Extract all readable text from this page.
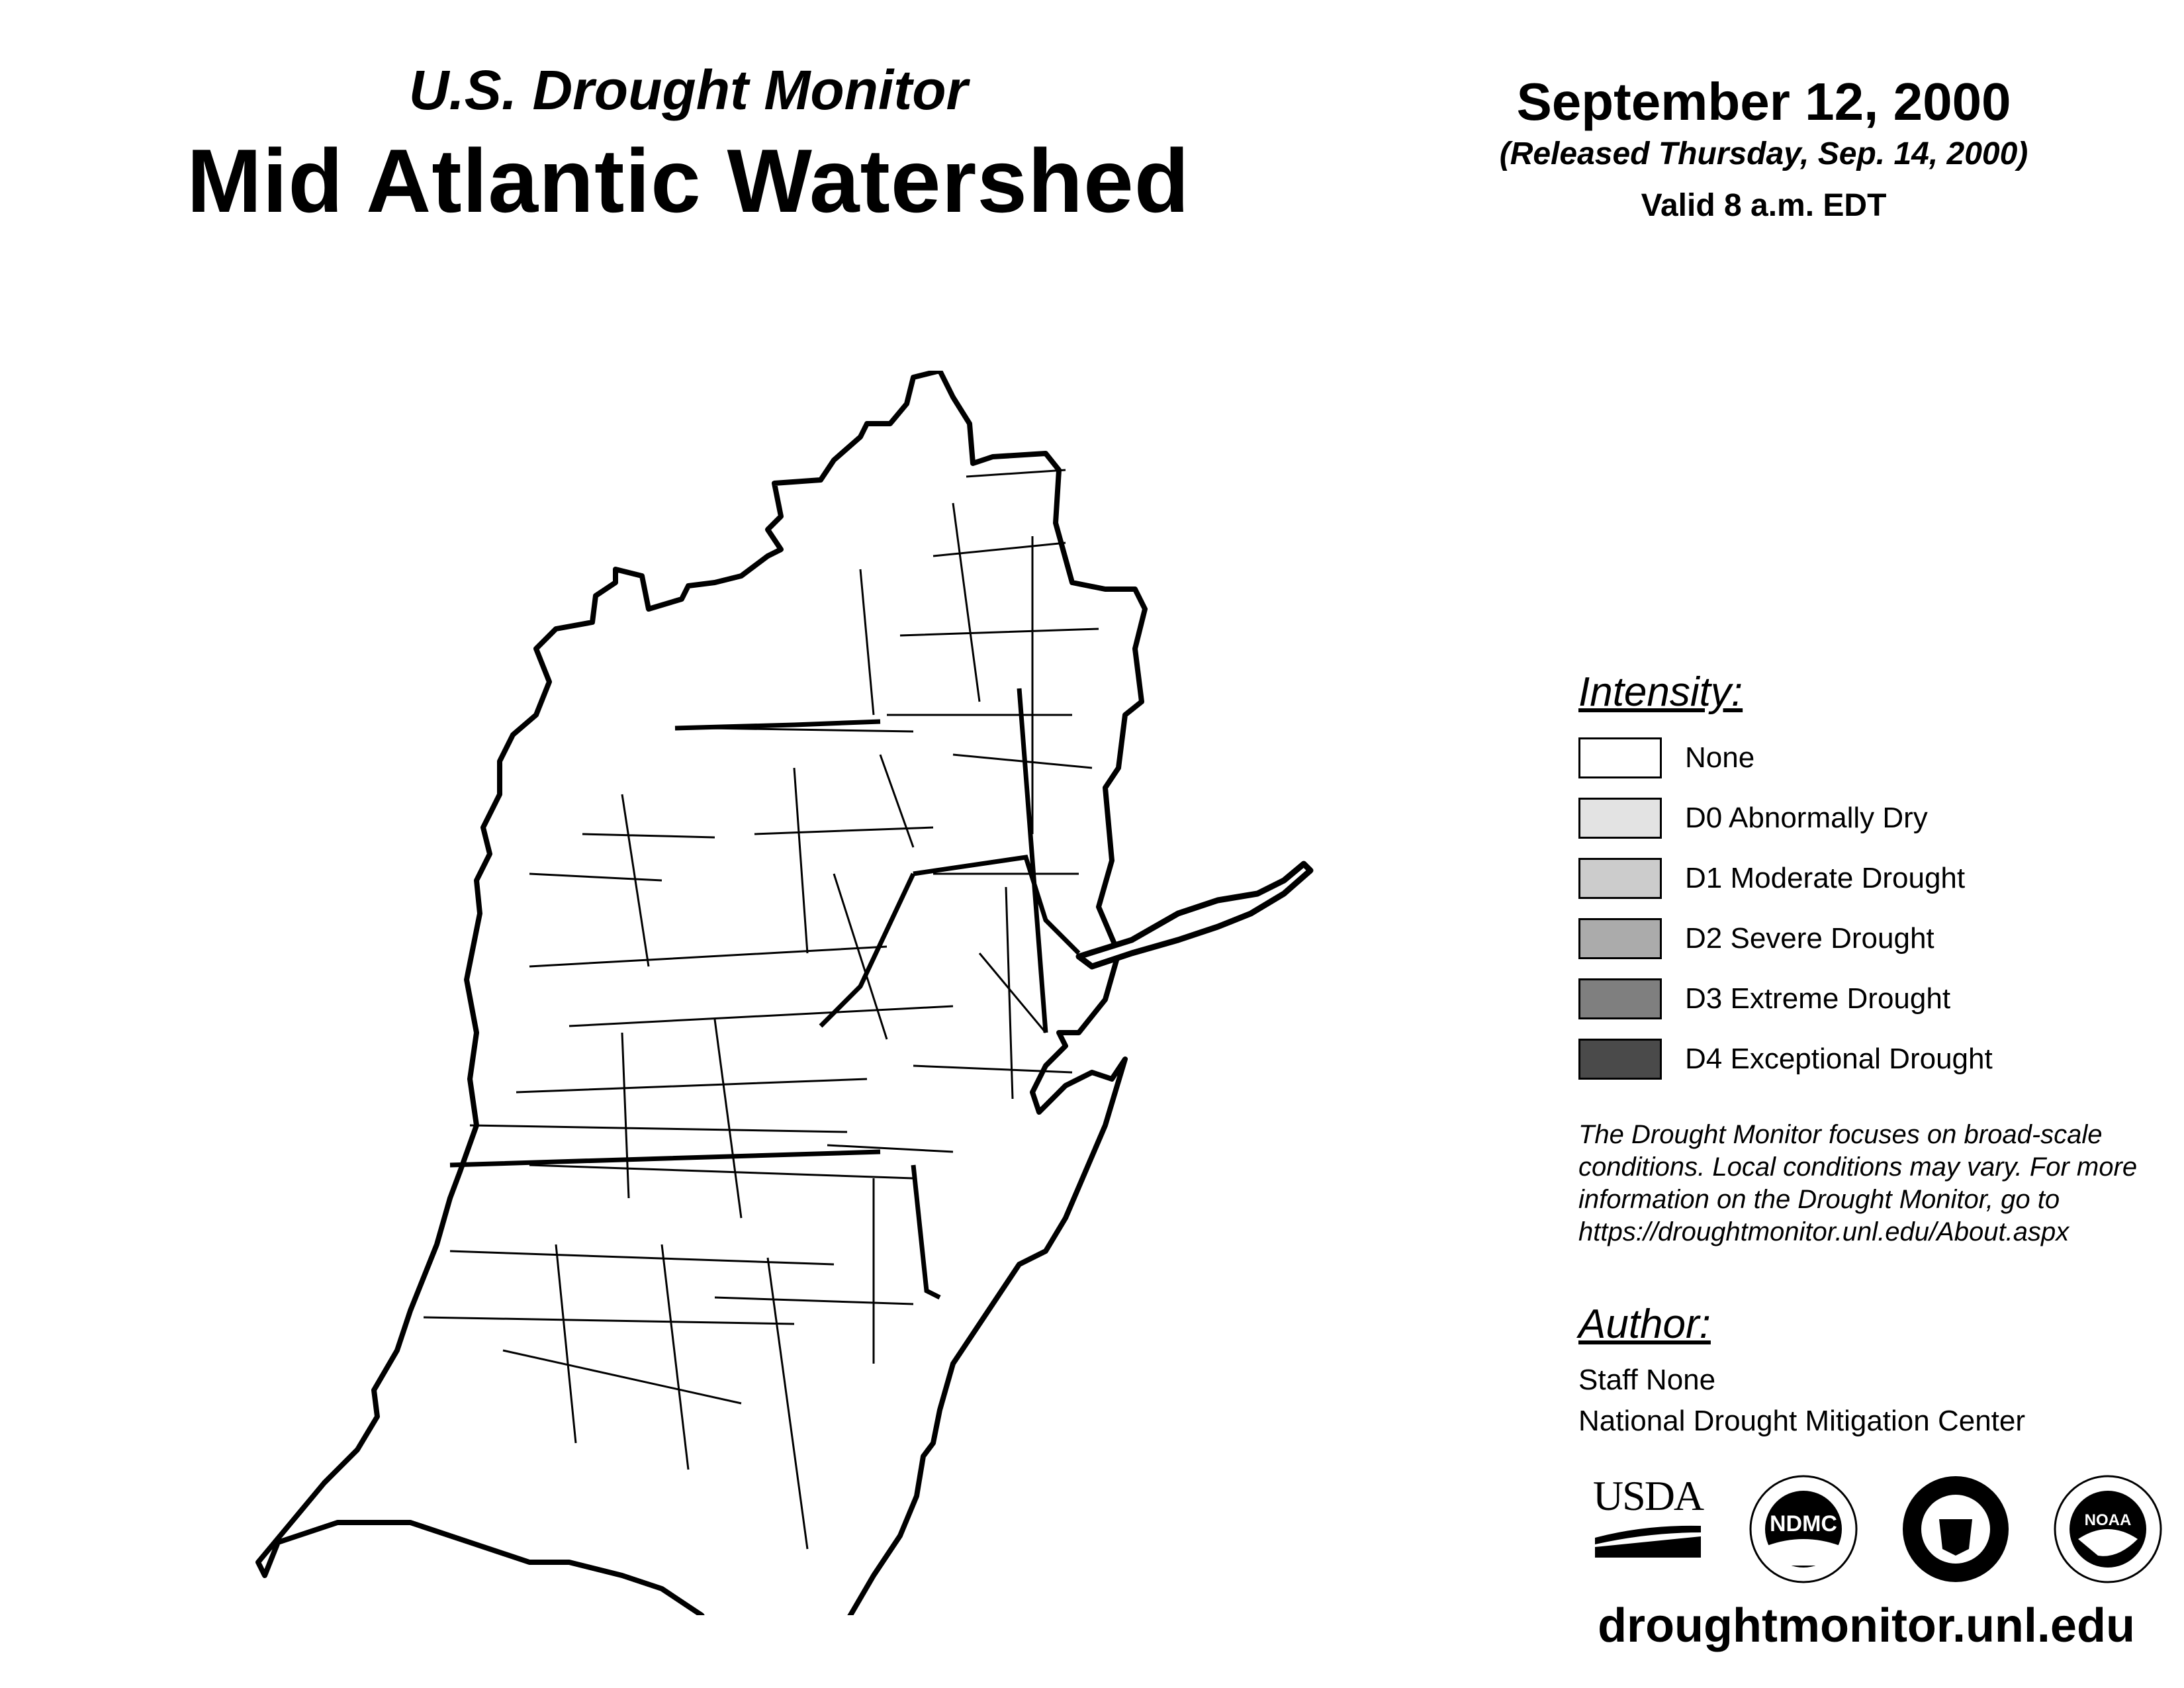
U.S. Drought Monitor
Mid Atlantic Watershed
September 12, 2000
(Released Thursday, Sep. 14, 2000)
Valid 8 a.m. EDT
Intensity:
None
D0 Abnormally Dry
D1 Moderate Drought
D2 Severe Drought
D3 Extreme Drought
D4 Exceptional Drought
The Drought Monitor focuses on broad-scale
conditions. Local conditions may vary. For more
information on the Drought Monitor, go to
https://droughtmonitor.unl.edu/About.aspx
Author:
Staff None
National Drought Mitigation Center
USDA
NDMC	NOAA
droughtmonitor.unl.edu
